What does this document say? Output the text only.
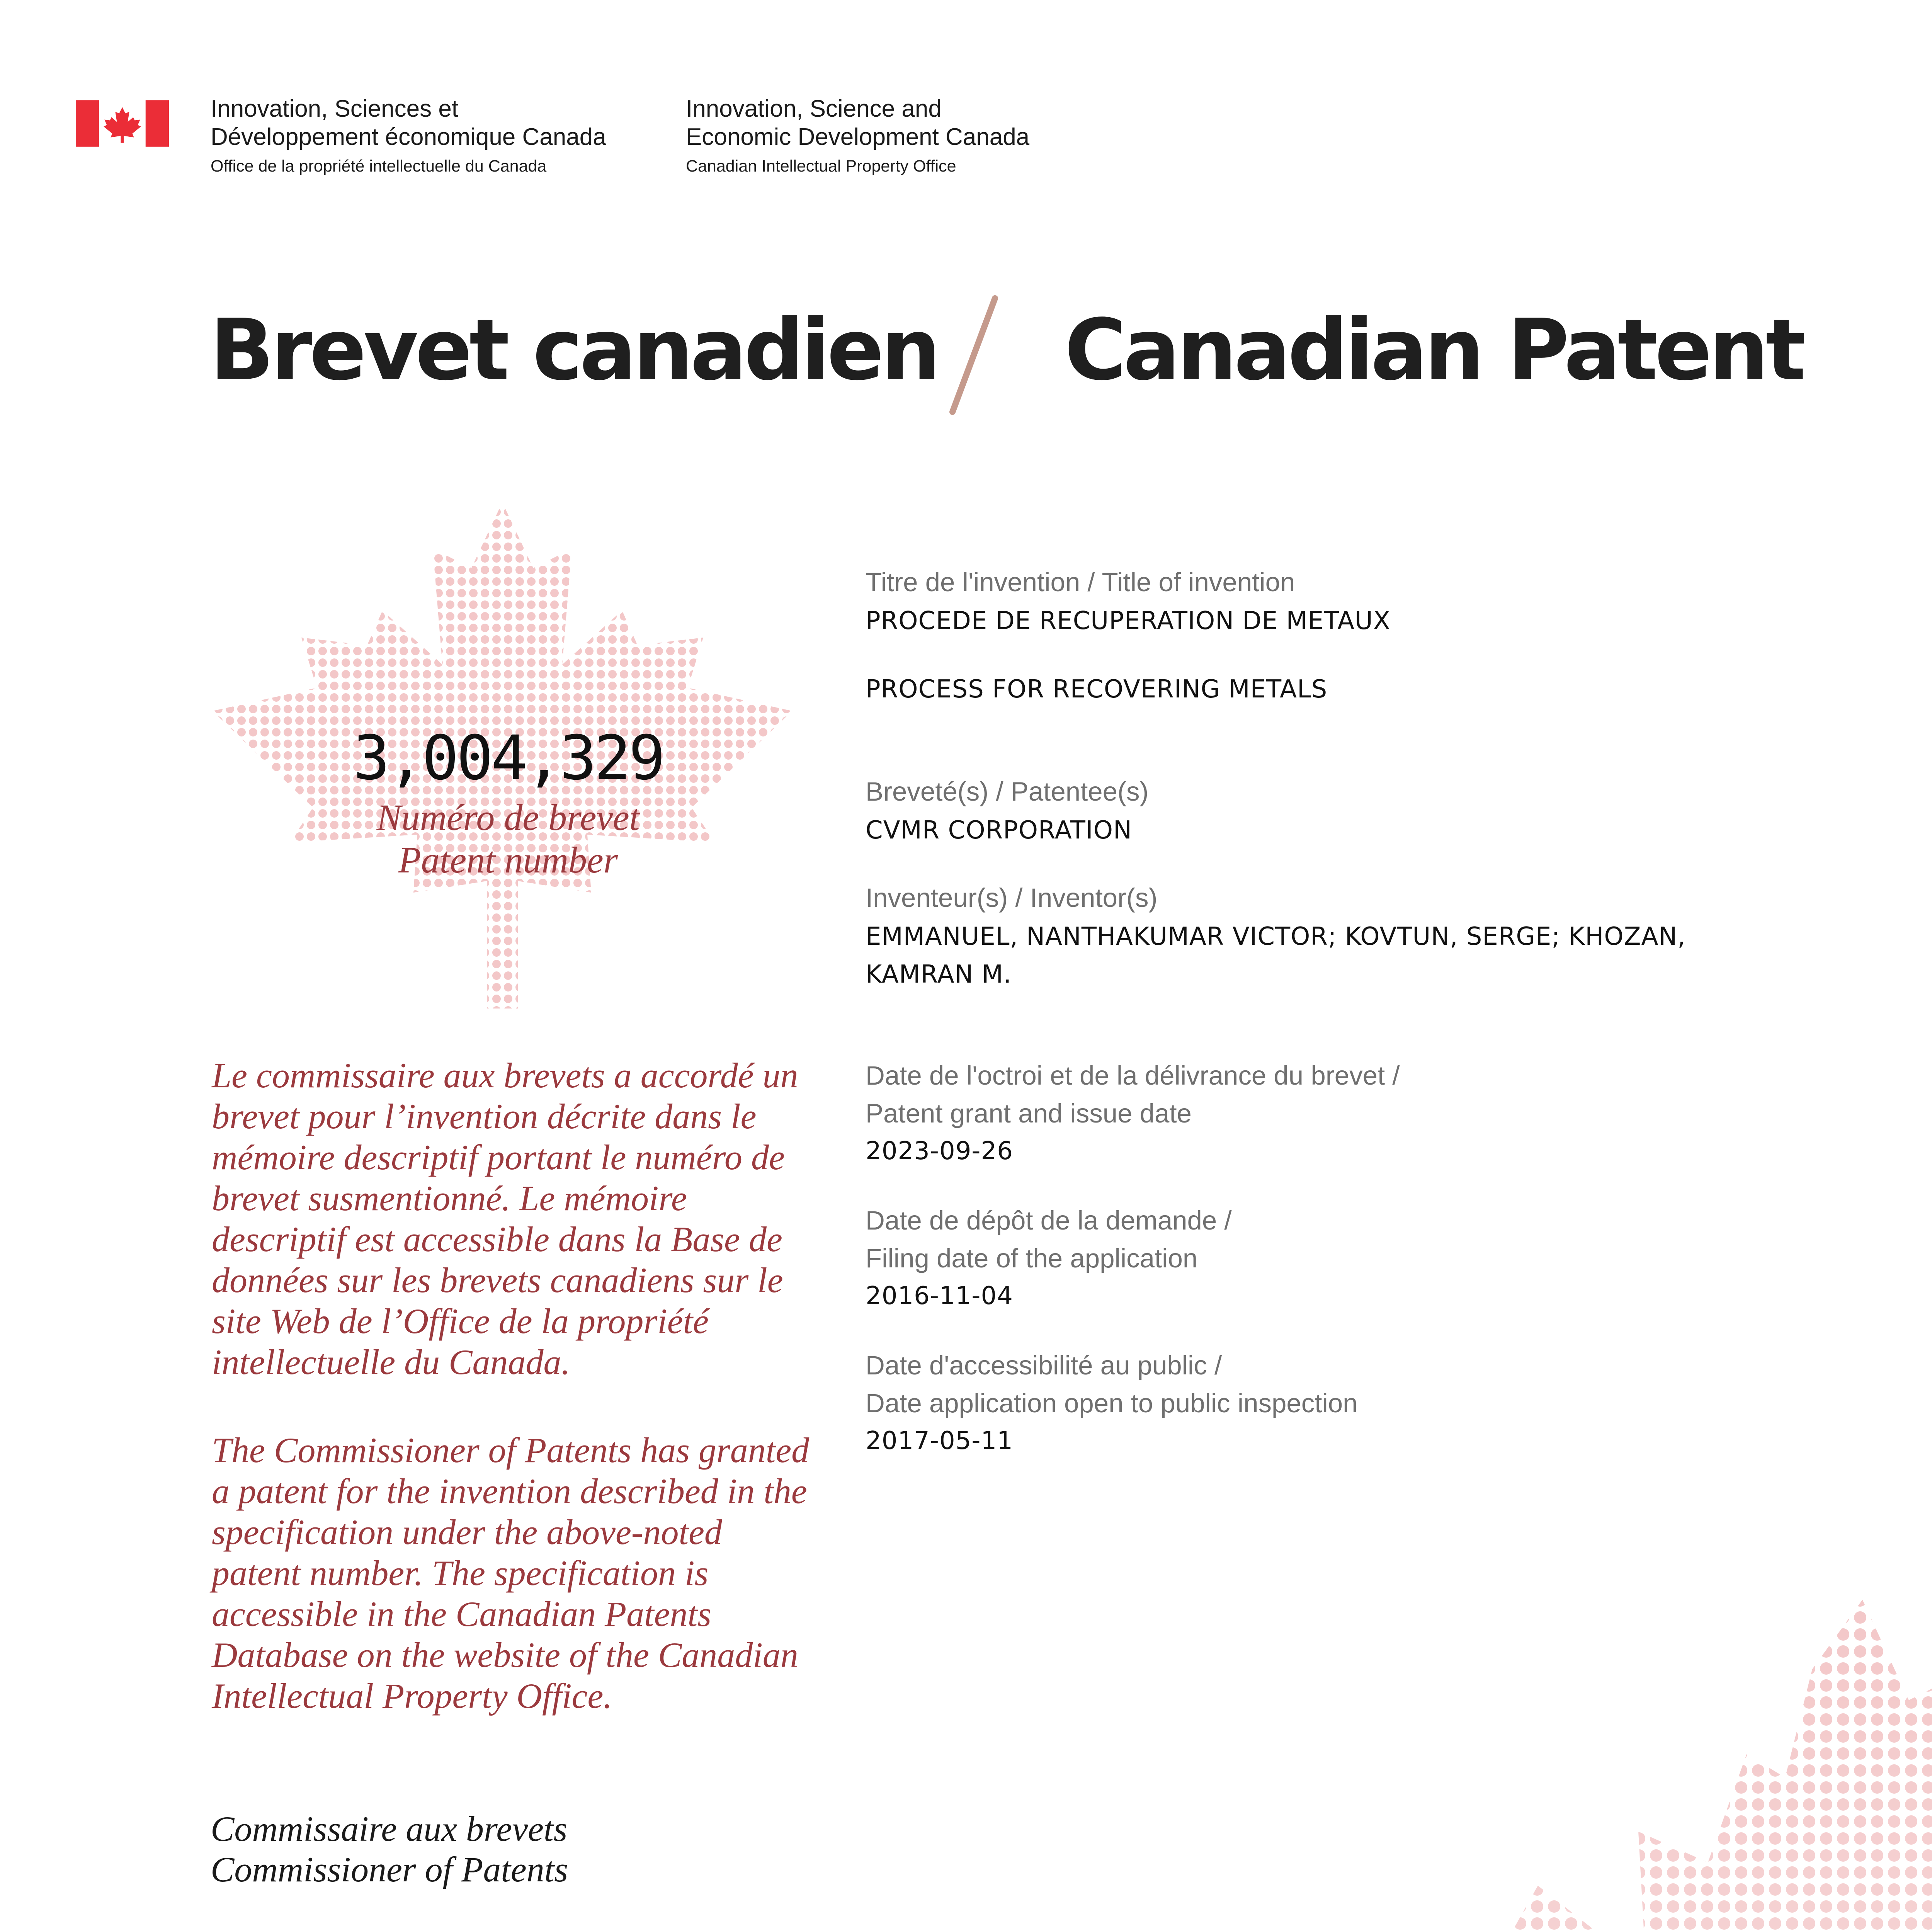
Innovation, Sciences et
Développement économique Canada
Office de la propriété intellectuelle du Canada
Innovation, Science and
Economic Development Canada
Canadian Intellectual Property Office
Brevet canadien Canadian Patent
3,004,329
Numéro de brevet
Patent number
Le commissaire aux brevets a accordé un brevet pour l’invention décrite dans le mémoire descriptif portant le numéro de brevet susmentionné. Le mémoire descriptif est accessible dans la Base de données sur les brevets canadiens sur le site Web de l’Office de la propriété intellectuelle du Canada.
The Commissioner of Patents has granted a patent for the invention described in the specification under the above-noted patent number. The specification is accessible in the Canadian Patents Database on the website of the Canadian Intellectual Property Office.
Commissaire aux brevets
Commissioner of Patents
Titre de l'invention / Title of invention
PROCEDE DE RECUPERATION DE METAUX
PROCESS FOR RECOVERING METALS
Breveté(s) / Patentee(s)
CVMR CORPORATION
Inventeur(s) / Inventor(s)
EMMANUEL, NANTHAKUMAR VICTOR; KOVTUN, SERGE; KHOZAN, KAMRAN M.
Date de l'octroi et de la délivrance du brevet /
Patent grant and issue date
2023-09-26
Date de dépôt de la demande /
Filing date of the application
2016-11-04
Date d'accessibilité au public /
Date application open to public inspection
2017-05-11
